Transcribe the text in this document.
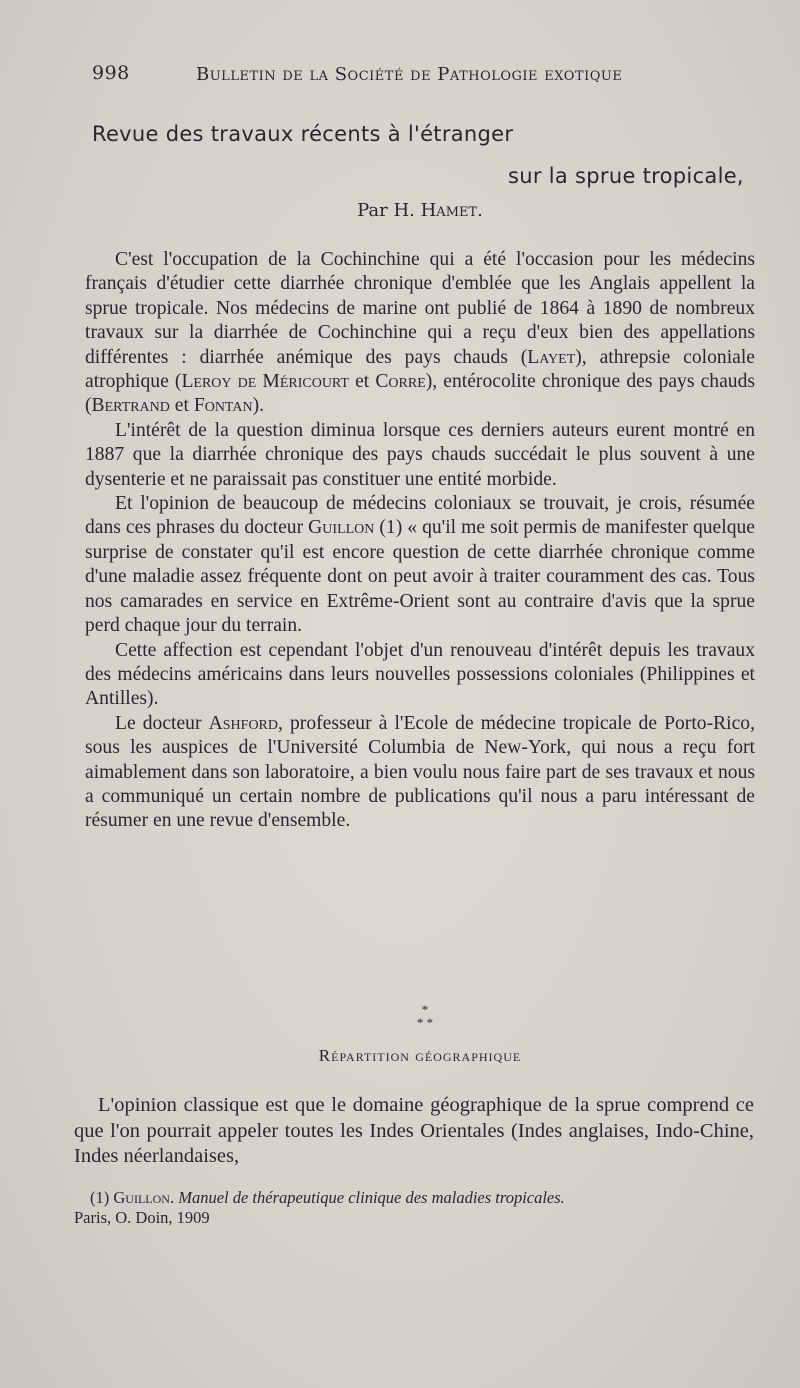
998	Bulletin de la Société de Pathologie exotique
Revue des travaux récents à l'étranger
sur la sprue tropicale,
Par H. Hamet.

C'est l'occupation de la Cochinchine qui a été l'occasion pour les médecins français d'étudier cette diarrhée chronique d'emblée que les Anglais appellent la sprue tropicale. Nos médecins de marine ont publié de 1864 à 1890 de nombreux travaux sur la diarrhée de Cochinchine qui a reçu d'eux bien des appellations différentes : diarrhée anémique des pays chauds (Layet), athrepsie coloniale atrophique (Leroy de Méricourt et Corre), entérocolite chronique des pays chauds (Bertrand et Fontan).

L'intérêt de la question diminua lorsque ces derniers auteurs eurent montré en 1887 que la diarrhée chronique des pays chauds succédait le plus souvent à une dysenterie et ne paraissait pas constituer une entité morbide.

Et l'opinion de beaucoup de médecins coloniaux se trouvait, je crois, résumée dans ces phrases du docteur Guillon (1) « qu'il me soit permis de manifester quelque surprise de constater qu'il est encore question de cette diarrhée chronique comme d'une maladie assez fréquente dont on peut avoir à traiter couramment des cas. Tous nos camarades en service en Extrême-Orient sont au contraire d'avis que la sprue perd chaque jour du terrain.

Cette affection est cependant l'objet d'un renouveau d'intérêt depuis les travaux des médecins américains dans leurs nouvelles possessions coloniales (Philippines et Antilles).

Le docteur Ashford, professeur à l'Ecole de médecine tropicale de Porto-Rico, sous les auspices de l'Université Columbia de New-York, qui nous a reçu fort aimablement dans son laboratoire, a bien voulu nous faire part de ses travaux et nous a communiqué un certain nombre de publications qu'il nous a paru intéressant de résumer en une revue d'ensemble.

*
* *
Répartition géographique

L'opinion classique est que le domaine géographique de la sprue comprend ce que l'on pourrait appeler toutes les Indes Orientales (Indes anglaises, Indo-Chine, Indes néerlandaises,

(1) Guillon. Manuel de thérapeutique clinique des maladies tropicales.
Paris, O. Doin, 1909
